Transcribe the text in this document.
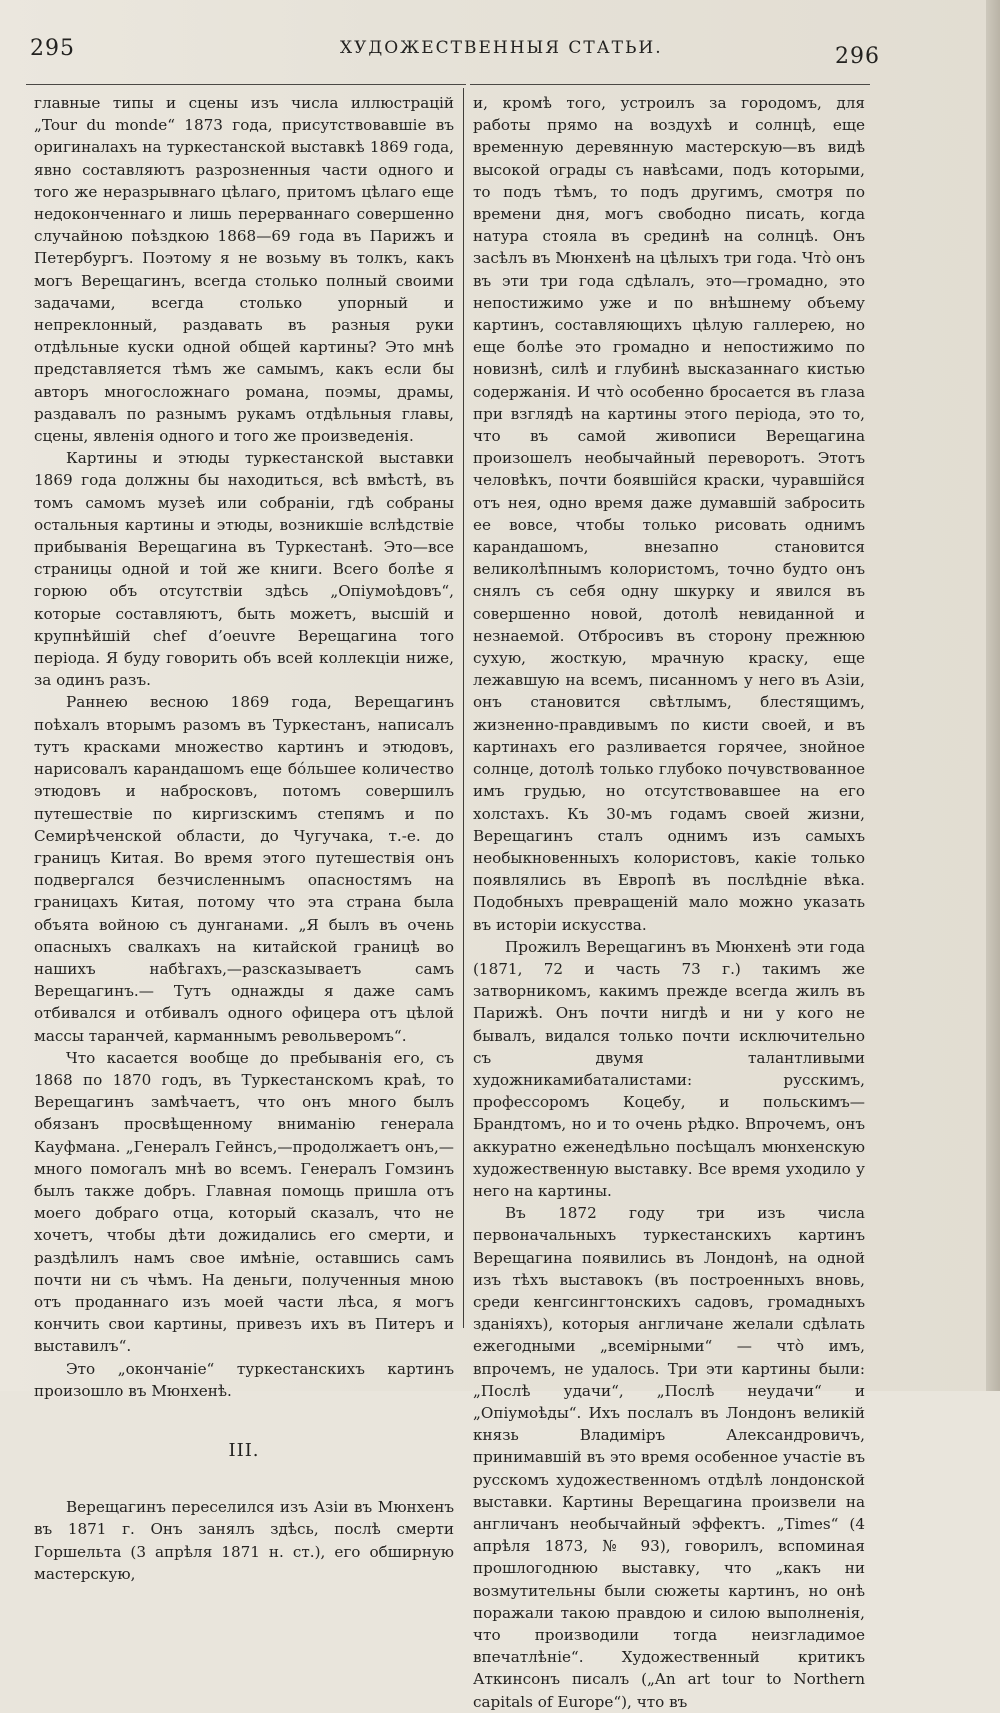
295	ХУДОЖЕСТВЕННЫЯ СТАТЬИ.	296

главные типы и сцены изъ числа иллюстрацій „Tour du monde“ 1873 года, присутствовавшіе въ оригиналахъ на туркестанской выставкѣ 1869 года, явно составляютъ разрозненныя части одного и того же неразрывнаго цѣлаго, притомъ цѣлаго еще недоконченнаго и лишь перерваннаго совершенно случайною поѣздкою 1868—69 года въ Парижъ и Петербургъ. Поэтому я не возьму въ толкъ, какъ могъ Верещагинъ, всегда столько полный своими задачами, всегда столько упорный и непреклонный, раздавать въ разныя руки отдѣльные куски одной общей картины? Это мнѣ представляется тѣмъ же самымъ, какъ если бы авторъ многосложнаго романа, поэмы, драмы, раздавалъ по разнымъ рукамъ отдѣльныя главы, сцены, явленія одного и того же произведенія.

Картины и этюды туркестанской выставки 1869 года должны бы находиться, всѣ вмѣстѣ, въ томъ самомъ музеѣ или собраніи, гдѣ собраны остальныя картины и этюды, возникшіе вслѣдствіе прибыванія Верещагина въ Туркестанѣ. Это—все страницы одной и той же книги. Всего болѣе я горюю объ отсутствіи здѣсь „Опіумоѣдовъ“, которые составляютъ, быть можетъ, высшій и крупнѣйшій chef d’oeuvre Верещагина того періода. Я буду говорить объ всей коллекціи ниже, за одинъ разъ.

Раннею весною 1869 года, Верещагинъ поѣхалъ вторымъ разомъ въ Туркестанъ, написалъ тутъ красками множество картинъ и этюдовъ, нарисовалъ карандашомъ еще бóльшее количество этюдовъ и набросковъ, потомъ совершилъ путешествіе по киргизскимъ степямъ и по Семирѣченской области, до Чугучака, т.-е. до границъ Китая. Во время этого путешествія онъ подвергался безчисленнымъ опасностямъ на границахъ Китая, потому что эта страна была объята войною съ дунганами. „Я былъ въ очень опасныхъ свалкахъ на китайской границѣ во нашихъ набѣгахъ,—разсказываетъ самъ Верещагинъ.— Тутъ однажды я даже самъ отбивался и отбивалъ одного офицера отъ цѣлой массы таранчей, карманнымъ револьверомъ“.

Что касается вообще до пребыванія его, съ 1868 по 1870 годъ, въ Туркестанскомъ краѣ, то Верещагинъ замѣчаетъ, что онъ много былъ обязанъ просвѣщенному вниманію генерала Кауфмана. „Генералъ Гейнсъ,—продолжаетъ онъ,—много помогалъ мнѣ во всемъ. Генералъ Гомзинъ былъ также добръ. Главная помощь пришла отъ моего добраго отца, который сказалъ, что не хочетъ, чтобы дѣти дожидались его смерти, и раздѣлилъ намъ свое имѣніе, оставшись самъ почти ни съ чѣмъ. На деньги, полученныя мною отъ проданнаго изъ моей части лѣса, я могъ кончить свои картины, привезъ ихъ въ Питеръ и выставилъ“.

Это „окончаніе“ туркестанскихъ картинъ произошло въ Мюнхенѣ.

III.

Верещагинъ переселился изъ Азіи въ Мюнхенъ въ 1871 г. Онъ занялъ здѣсь, послѣ смерти Горшельта (3 апрѣля 1871 н. ст.), его обширную мастерскую,

и, кромѣ того, устроилъ за городомъ, для работы прямо на воздухѣ и солнцѣ, еще временную деревянную мастерскую—въ видѣ высокой ограды съ навѣсами, подъ которыми, то подъ тѣмъ, то подъ другимъ, смотря по времени дня, могъ свободно писать, когда натура стояла въ срединѣ на солнцѣ. Онъ засѣлъ въ Мюнхенѣ на цѣлыхъ три года. Чтò онъ въ эти три года сдѣлалъ, это—громадно, это непостижимо уже и по внѣшнему объему картинъ, составляющихъ цѣлую галлерею, но еще болѣе это громадно и непостижимо по новизнѣ, силѣ и глубинѣ высказаннаго кистью содержанія. И чтò особенно бросается въ глаза при взглядѣ на картины этого періода, это то, что въ самой живописи Верещагина произошелъ необычайный переворотъ. Этотъ человѣкъ, почти боявшійся краски, чуравшійся отъ нея, одно время даже думавшій забросить ее вовсе, чтобы только рисовать однимъ карандашомъ, внезапно становится великолѣпнымъ колористомъ, точно будто онъ снялъ съ себя одну шкурку и явился въ совершенно новой, дотолѣ невиданной и незнаемой. Отбросивъ въ сторону прежнюю сухую, жосткую, мрачную краску, еще лежавшую на всемъ, писанномъ у него въ Азіи, онъ становится свѣтлымъ, блестящимъ, жизненно-правдивымъ по кисти своей, и въ картинахъ его разливается горячее, знойное солнце, дотолѣ только глубоко почувствованное имъ грудью, но отсутствовавшее на его холстахъ. Къ 30-мъ годамъ своей жизни, Верещагинъ сталъ однимъ изъ самыхъ необыкновенныхъ колористовъ, какіе только появлялись въ Европѣ въ послѣдніе вѣка. Подобныхъ превращеній мало можно указать въ исторіи искусства.

Прожилъ Верещагинъ въ Мюнхенѣ эти года (1871, 72 и часть 73 г.) такимъ же затворникомъ, какимъ прежде всегда жилъ въ Парижѣ. Онъ почти нигдѣ и ни у кого не бывалъ, видался только почти исключительно съ двумя талантливыми художникамибаталистами: русскимъ, профессоромъ Коцебу, и польскимъ—Брандтомъ, но и то очень рѣдко. Впрочемъ, онъ аккуратно еженедѣльно посѣщалъ мюнхенскую художественную выставку. Все время уходило у него на картины.

Въ 1872 году три изъ числа первоначальныхъ туркестанскихъ картинъ Верещагина появились въ Лондонѣ, на одной изъ тѣхъ выставокъ (въ построенныхъ вновь, среди кенгсингтонскихъ садовъ, громадныхъ зданіяхъ), которыя англичане желали сдѣлать ежегодными „всемірными“ — чтò имъ, впрочемъ, не удалось. Три эти картины были: „Послѣ удачи“, „Послѣ неудачи“ и „Опіумоѣды“. Ихъ послалъ въ Лондонъ великій князь Владиміръ Александровичъ, принимавшій въ это время особенное участіе въ русскомъ художественномъ отдѣлѣ лондонской выставки. Картины Верещагина произвели на англичанъ необычайный эффектъ. „Times“ (4 апрѣля 1873, № 93), говорилъ, вспоминая прошлогоднюю выставку, что „какъ ни возмутительны были сюжеты картинъ, но онѣ поражали такою правдою и силою выполненія, что производили тогда неизгладимое впечатлѣніе“. Художественный критикъ Аткинсонъ писалъ („An art tour to Northern capitals of Europe“), что въ
